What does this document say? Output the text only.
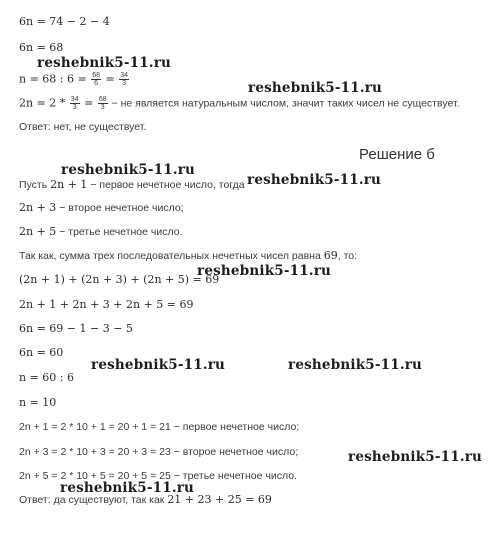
6n = 74 − 2 − 4
6n = 68
n = 68 : $6 = \frac{68}{6} = \frac{34}{3}$
$2n = 2 * \frac{34}{3} = \frac{68}{3}$ − не является натуральным числом, значит таких чисел не существует.
Ответ: нет, не существует.
Решение б
Пусть 2n + 1 − первое нечетное число, тогда
2n + 3 − второе нечетное число;
2n + 5 − третье нечетное число.
Так как, сумма трех последовательных нечетных чисел равна 69, то:
(2n + 1) + (2n + 3) + (2n + 5) = 69
2n + 1 + 2n + 3 + 2n + 5 = 69
6n = 69 − 1 − 3 − 5
6n = 60
n = 60 : 6
n = 10
2n + 1 = 2 * 10 + 1 = 20 + 1 = 21 − первое нечетное число;
2n + 3 = 2 * 10 + 3 = 20 + 3 = 23 − второе нечетное число;
2n + 5 = 2 * 10 + 5 = 20 + 5 = 25 − третье нечетное число.
Ответ: да существуют, так как 21 + 23 + 25 = 69
reshebnik5-11.ru
reshebnik5-11.ru
reshebnik5-11.ru
reshebnik5-11.ru
reshebnik5-11.ru
reshebnik5-11.ru	reshebnik5-11.ru
reshebnik5-11.ru
reshebnik5-11.ru
